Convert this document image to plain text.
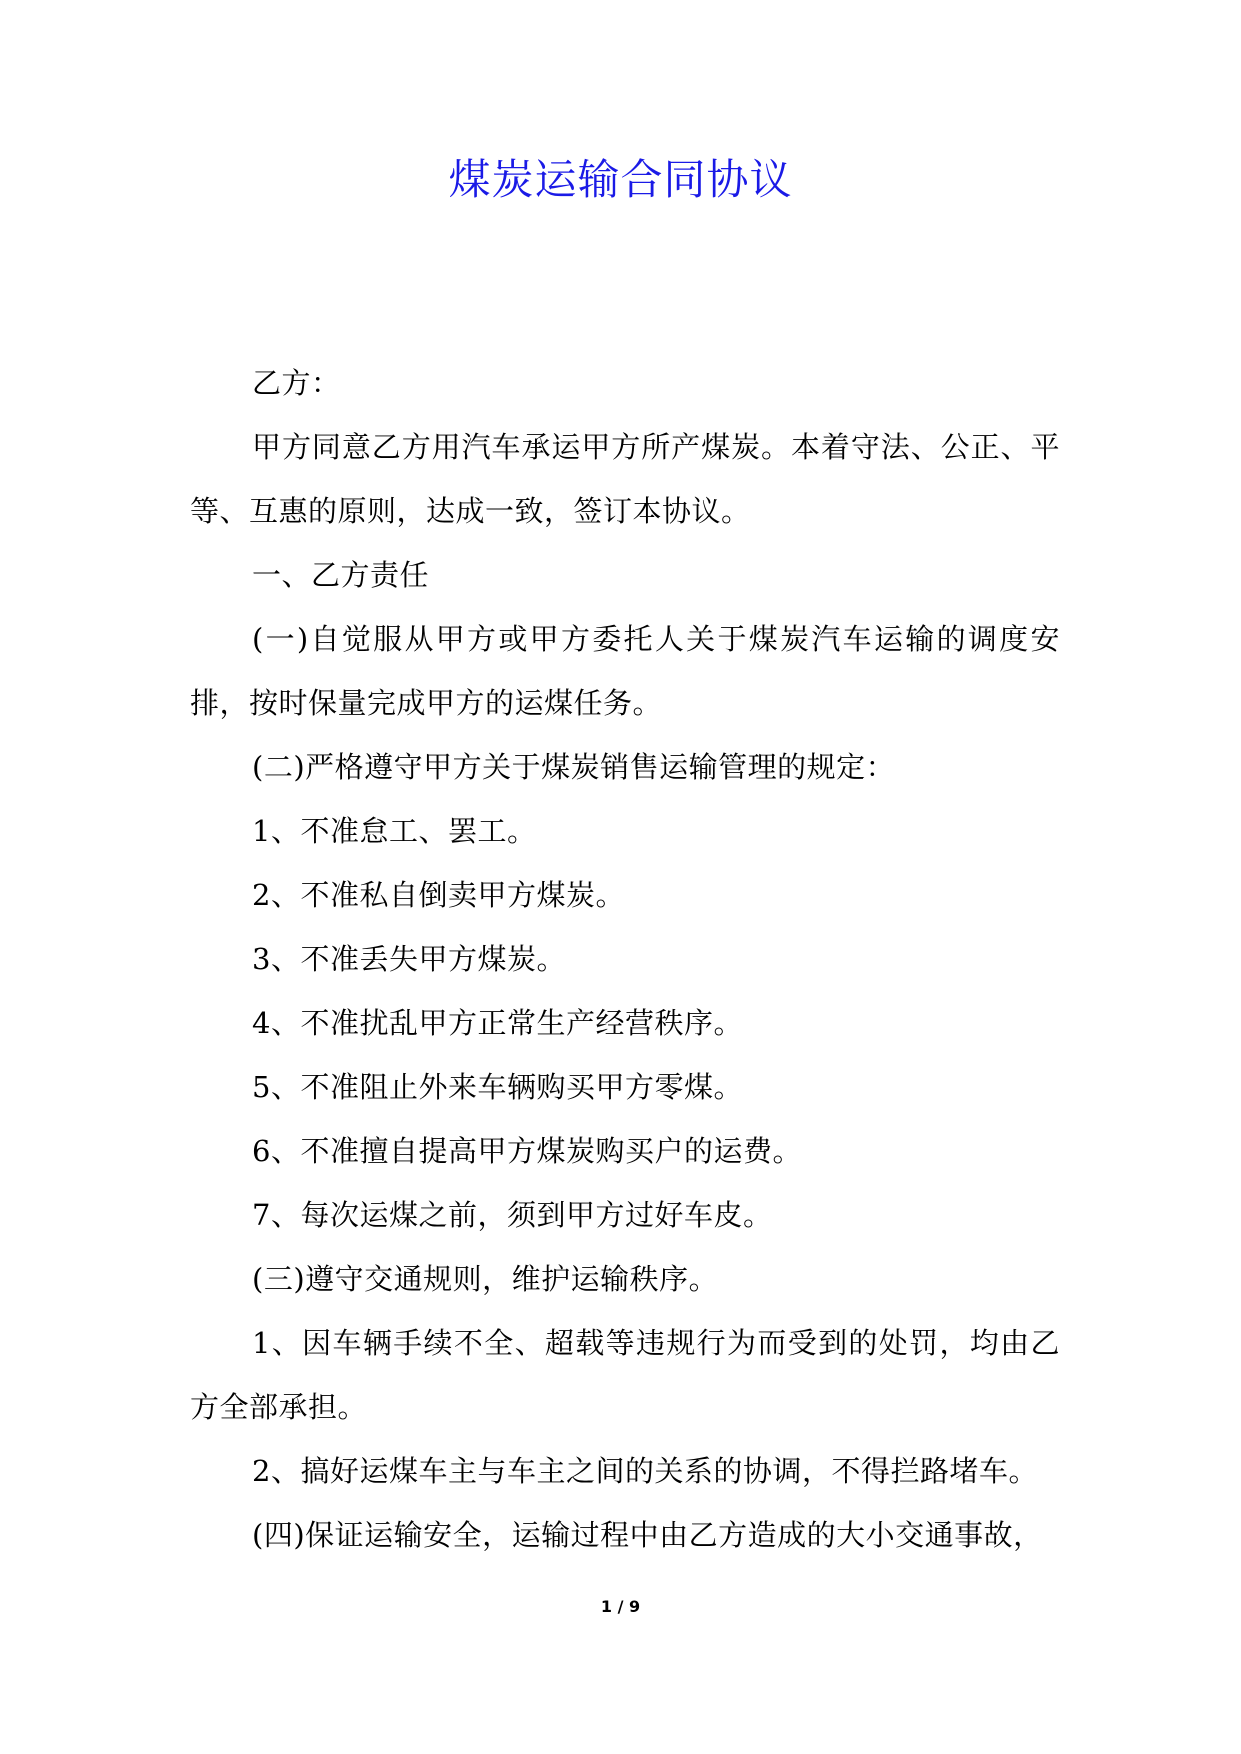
煤炭运输合同协议

乙方：

甲方同意乙方用汽车承运甲方所产煤炭。本着守法、公正、平等、互惠的原则，达成一致，签订本协议。

一、乙方责任

(一)自觉服从甲方或甲方委托人关于煤炭汽车运输的调度安排，按时保量完成甲方的运煤任务。

(二)严格遵守甲方关于煤炭销售运输管理的规定：

1、不准怠工、罢工。

2、不准私自倒卖甲方煤炭。

3、不准丢失甲方煤炭。

4、不准扰乱甲方正常生产经营秩序。

5、不准阻止外来车辆购买甲方零煤。

6、不准擅自提高甲方煤炭购买户的运费。

7、每次运煤之前，须到甲方过好车皮。

(三)遵守交通规则，维护运输秩序。

1、因车辆手续不全、超载等违规行为而受到的处罚，均由乙方全部承担。

2、搞好运煤车主与车主之间的关系的协调，不得拦路堵车。

(四)保证运输安全，运输过程中由乙方造成的大小交通事故，

1 / 9
